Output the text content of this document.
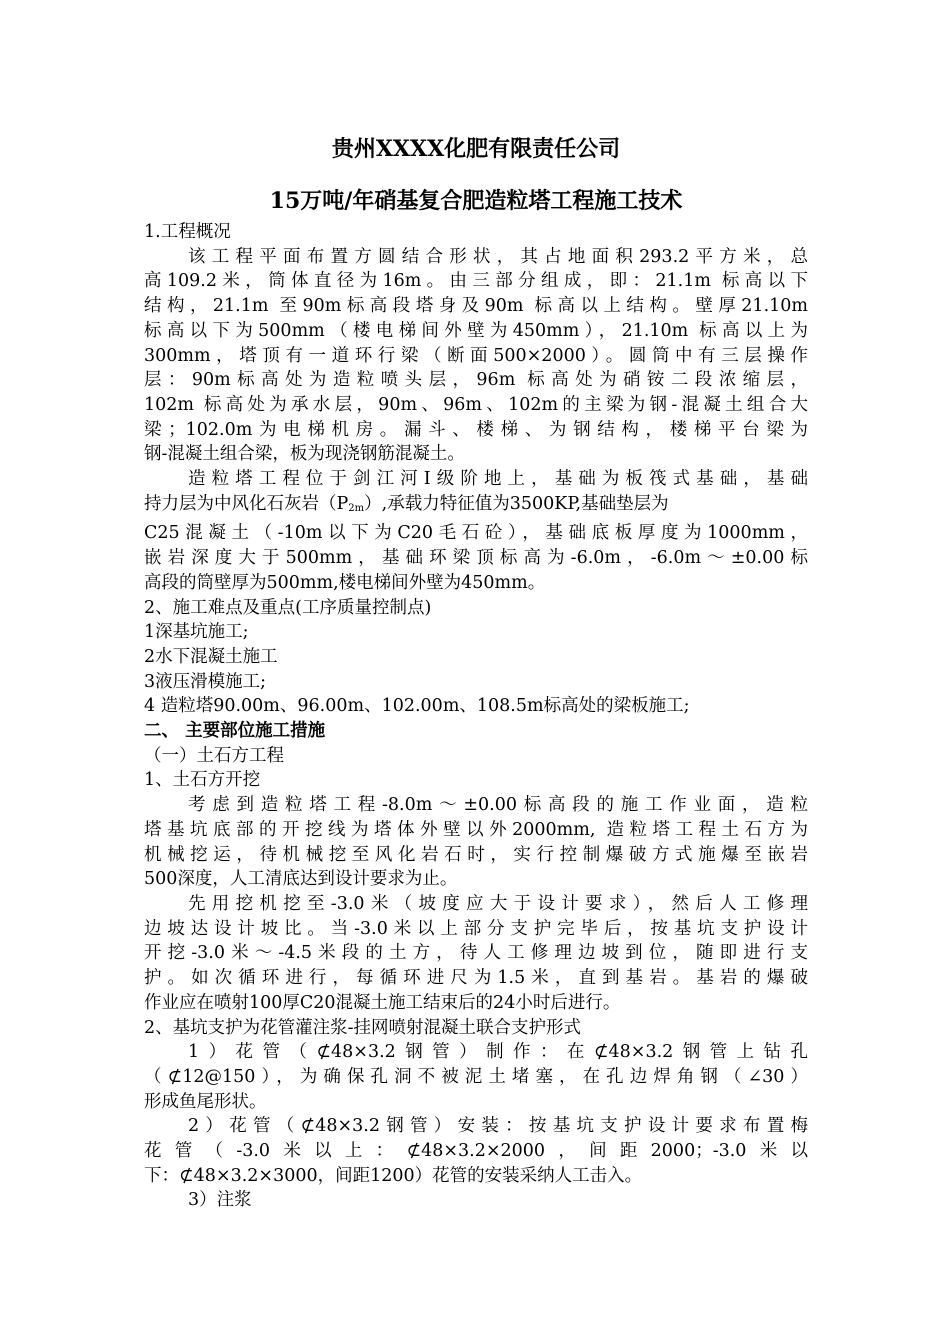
贵州XXXX化肥有限责任公司
15万吨/年硝基复合肥造粒塔工程施工技术

1.工程概况

该工程平面布置方圆结合形状，其占地面积293.2平方米，总

高109.2米，筒体直径为16m。由三部分组成，即：21.1m 标高以下

结构，21.1m 至90m标高段塔身及90m 标高以上结构。壁厚21.10m

标高以下为500mm（楼电梯间外壁为450mm），21.10m 标高以上为

300mm，塔顶有一道环行梁（断面500×2000）。圆筒中有三层操作

层：90m标高处为造粒喷头层，96m 标高处为硝铵二段浓缩层，

102m 标高处为承水层，90m、96m、102m的主梁为钢-混凝土组合大

梁；102.0m为电梯机房。漏斗、楼梯、为钢结构，楼梯平台梁为

钢-混凝土组合梁，板为现浇钢筋混凝土。

造粒塔工程位于剑江河Ⅰ级阶地上，基础为板筏式基础，基础

持力层为中风化石灰岩$(P_{2m})$,承载力特征值为3500KP,基础垫层为

C25混凝土（-10m以下为C20毛石砼），基础底板厚度为1000mm，

嵌岩深度大于500mm，基础环梁顶标高为-6.0m，-6.0m～±0.00标

高段的筒壁厚为500mm,楼电梯间外壁为450mm。

2、施工难点及重点(工序质量控制点)

1深基坑施工;

2水下混凝土施工

3液压滑模施工;

4 造粒塔90.00m、96.00m、102.00m、108.5m标高处的梁板施工;

二、 主要部位施工措施

（一）土石方工程

1、土石方开挖

考虑到造粒塔工程-8.0m～±0.00标高段的施工作业面，造粒

塔基坑底部的开挖线为塔体外壁以外2000mm, 造粒塔工程土石方为

机械挖运，待机械挖至风化岩石时，实行控制爆破方式施爆至嵌岩

500深度，人工清底达到设计要求为止。

先用挖机挖至-3.0米（坡度应大于设计要求），然后人工修理

边坡达设计坡比。当-3.0米以上部分支护完毕后，按基坑支护设计

开挖-3.0米～-4.5米段的土方，待人工修理边坡到位，随即进行支

护。如次循环进行，每循环进尺为1.5米，直到基岩。基岩的爆破

作业应在喷射100厚C20混凝土施工结束后的24小时后进行。

2、基坑支护为花管灌注浆-挂网喷射混凝土联合支护形式

1）花管（⊄48×3.2钢管）制作：在⊄48×3.2钢管上钻孔

（⊄12@150），为确保孔洞不被泥土堵塞，在孔边焊角钢（∠30）

形成鱼尾形状。

2）花管（⊄48×3.2钢管）安装：按基坑支护设计要求布置梅

花管（-3.0米以上：⊄48×3.2×2000，间距2000；-3.0米以

下：⊄48×3.2×3000，间距1200）花管的安装采纳人工击入。

3）注浆
